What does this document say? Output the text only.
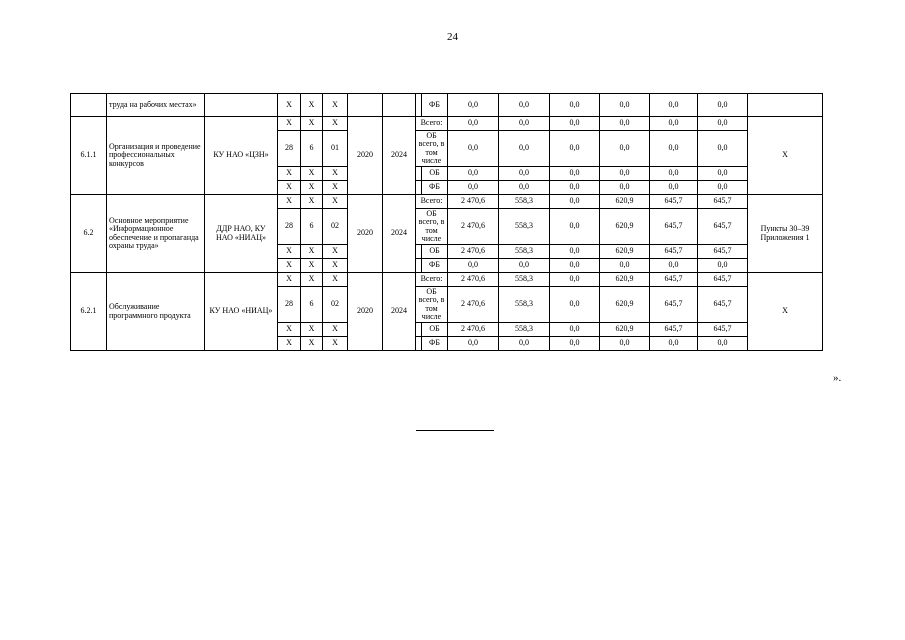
24
	труда на рабочих местах»		Х	Х	Х				ФБ	0,0	0,0	0,0	0,0	0,0	0,0	
6.1.1	Организация и проведение профессиональных конкурсов	КУ НАО «ЦЗН»	Х	Х	Х	2020	2024	Всего:		0,0	0,0	0,0	0,0	0,0	0,0	Х
			28	6	01			ОБ всего, в том числе		0,0	0,0	0,0	0,0	0,0	0,0	
			Х	Х	Х				ОБ	0,0	0,0	0,0	0,0	0,0	0,0	
			Х	Х	Х				ФБ	0,0	0,0	0,0	0,0	0,0	0,0	
6.2	Основное мероприятие «Информационное обеспечение и пропаганда охраны труда»	ДДР НАО, КУ НАО «НИАЦ»	Х	Х	Х	2020	2024	Всего:		2 470,6	558,3	0,0	620,9	645,7	645,7	Пункты 30–39 Приложения 1
			28	6	02			ОБ всего, в том числе		2 470,6	558,3	0,0	620,9	645,7	645,7	
			Х	Х	Х				ОБ	2 470,6	558,3	0,0	620,9	645,7	645,7	
			Х	Х	Х				ФБ	0,0	0,0	0,0	0,0	0,0	0,0	
6.2.1	Обслуживание программного продукта	КУ НАО «НИАЦ»	Х	Х	Х	2020	2024	Всего:		2 470,6	558,3	0,0	620,9	645,7	645,7	Х
			28	6	02			ОБ всего, в том числе		2 470,6	558,3	0,0	620,9	645,7	645,7	
			Х	Х	Х				ОБ	2 470,6	558,3	0,0	620,9	645,7	645,7	
			Х	Х	Х				ФБ	0,0	0,0	0,0	0,0	0,0	0,0	
».
